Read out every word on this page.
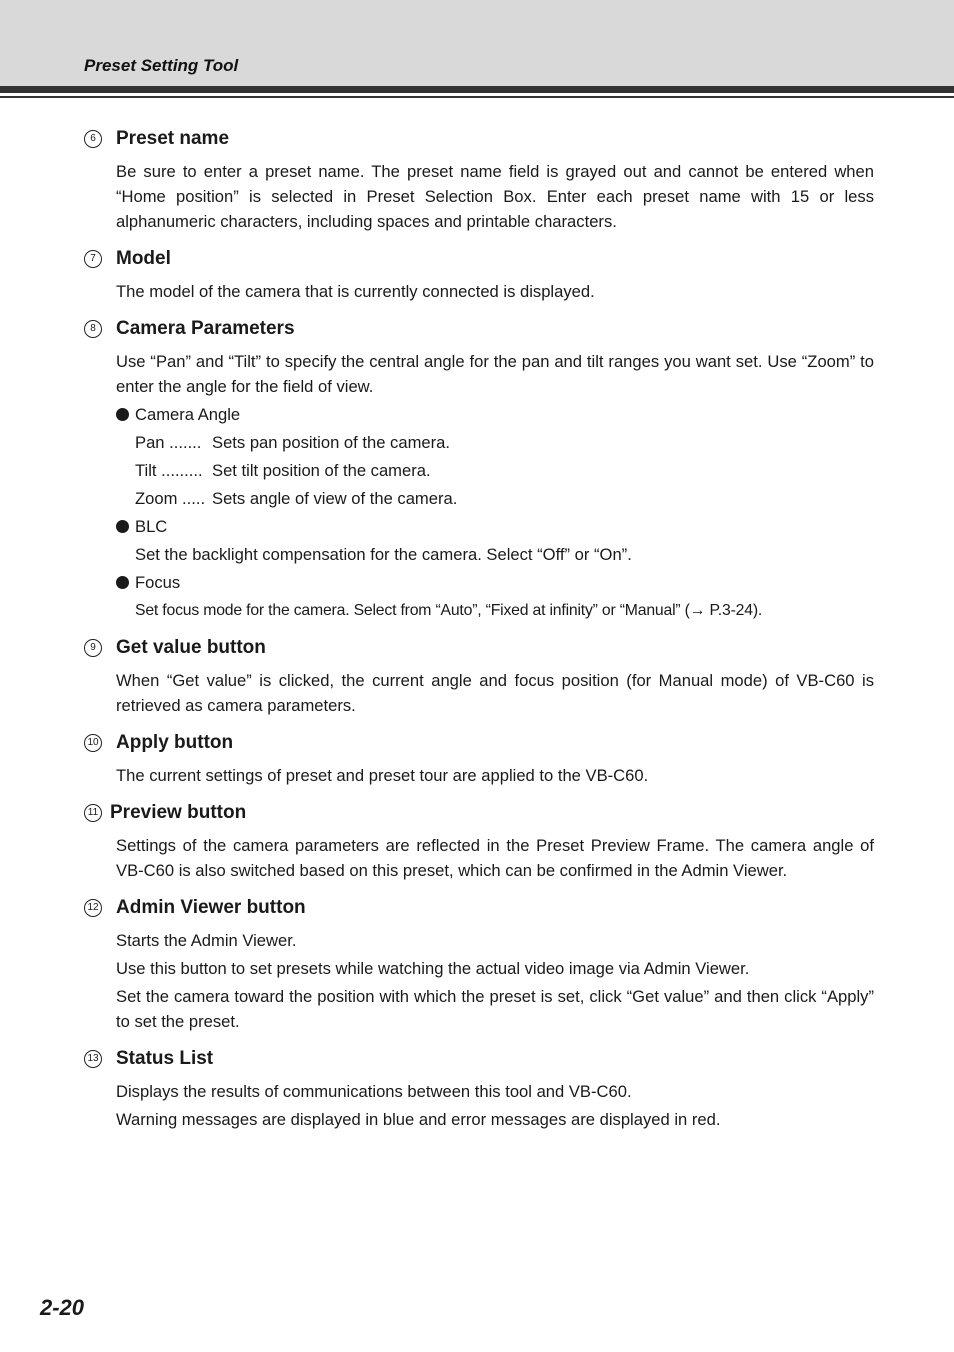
Preset Setting Tool
6	Preset name

Be sure to enter a preset name. The preset name field is grayed out and cannot be entered when “Home position” is selected in Preset Selection Box. Enter each preset name with 15 or less alphanumeric characters, including spaces and printable characters.

7	Model

The model of the camera that is currently connected is displayed.

8	Camera Parameters

Use “Pan” and “Tilt” to specify the central angle for the pan and tilt ranges you want set. Use “Zoom” to enter the angle for the field of view.

Camera Angle
Pan ....... Sets pan position of the camera.
Tilt ......... Set tilt position of the camera.
Zoom ..... Sets angle of view of the camera.
BLC

Set the backlight compensation for the camera. Select “Off” or “On”.

Focus

Set focus mode for the camera. Select from “Auto”, “Fixed at infinity” or “Manual” (→ P.3-24).

9	Get value button

When “Get value” is clicked, the current angle and focus position (for Manual mode) of VB-C60 is retrieved as camera parameters.

10 Apply button

The current settings of preset and preset tour are applied to the VB-C60.

11 Preview button

Settings of the camera parameters are reflected in the Preset Preview Frame. The camera angle of VB-C60 is also switched based on this preset, which can be confirmed in the Admin Viewer.

12 Admin Viewer button

Starts the Admin Viewer.

Use this button to set presets while watching the actual video image via Admin Viewer.

Set the camera toward the position with which the preset is set, click “Get value” and then click “Apply” to set the preset.

13 Status List

Displays the results of communications between this tool and VB-C60.

Warning messages are displayed in blue and error messages are displayed in red.

2-20
